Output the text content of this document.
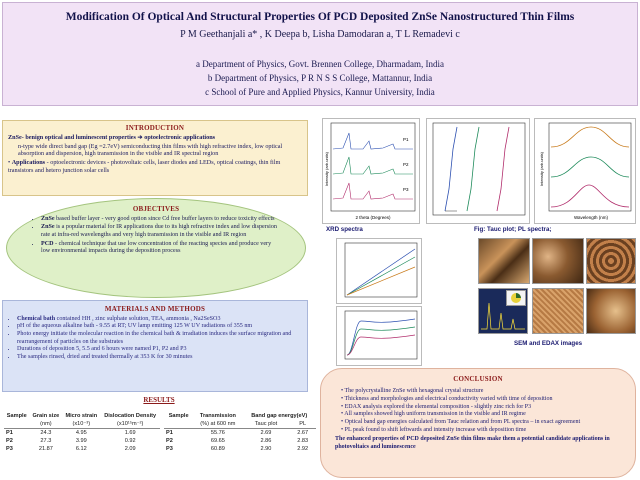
Modification Of Optical And Structural Properties Of PCD Deposited ZnSe Nanostructured Thin Films
P M Geethanjali a* , K Deepa b, Lisha Damodaran a, T L Remadevi c
a Department of Physics, Govt. Brennen College, Dharmadam, India
b Department of Physics, P R N S S College, Mattannur, India
c School of Pure and Applied Physics, Kannur University, India
INTRODUCTION

ZnSe- benign optical and luminescent properties ➔ optoelectronic applications

n-type wide direct band gap (Eg =2.7eV) semiconducting thin films with high refractive index, low optical absorption and dispersion, high transmission in the visible and IR spectral region

• Applications - optoelectronic devices - photovoltaic cells, laser diodes and LEDs, optical coatings, thin film transistors and hetero junction solar cells

OBJECTIVES
• ZnSe based buffer layer - very good option since Cd free buffer layers to reduce toxicity effects
• ZnSe is a popular material for IR applications due to its high refractive index and low dispersion rate at infra-red wavelengths and very high transmission in the visible and IR region
• PCD - chemical technique that use low concentration of the reacting species and produce very low environmental impacts during the deposition process
MATERIALS AND METHODS
• Chemical bath contained HH , zinc sulphate solution, TEA, ammonia , Na2SeSO3
• pH of the aqueous alkaline bath - 9.55 at RT; UV lamp emitting 125 W UV radiations of 355 nm
• Photo energy initiate the molecular reaction in the chemical bath & irradiation induces the surface migration and rearrangement of particles on the substrates
• Durations of deposition 5, 5.5 and 6 hours were named P1, P2 and P3
• The samples rinsed, dried and treated thermally at 353 K for 30 minutes
RESULTS
Sample	Grain size	Micro strain	Dislocation Density
	(nm)	(x10⁻³)	(x10¹⁵m⁻²)
P1	24.3	4.95	1.69
P2	27.3	3.99	0.92
P3	21.87	6.12	2.09
Sample	Transmission	Band gap energy(eV)	
	(%) at 600 nm	Tauc plot	PL
P1	55.76	2.69	2.67
P2	69.65	2.86	2.83
P3	60.89	2.90	2.92
P1
P2
P3
2 theta (Degrees)
Intensity (arb.units)
Wavelength (nm)
Intensity (arb.units)
XRD spectra	Fig: Tauc plot; PL spectra;
SEM and EDAX images
CONCLUSION
• The polycrystalline ZnSe with hexagonal crystal structure
• Thickness and morphologies and electrical conductivity varied with time of deposition
• EDAX analysis explored the elemental composition - slightly zinc rich for P3
• All samples showed high uniform transmission in the visible and IR regime
• Optical band gap energies calculated from Tauc relation and from PL spectra – in exact agreement
• PL peak found to shift leftwards and intensity increase with deposition time
The enhanced properties of PCD deposited ZnSe thin films make them a potential candidate applications in photovoltaics and luminescence
